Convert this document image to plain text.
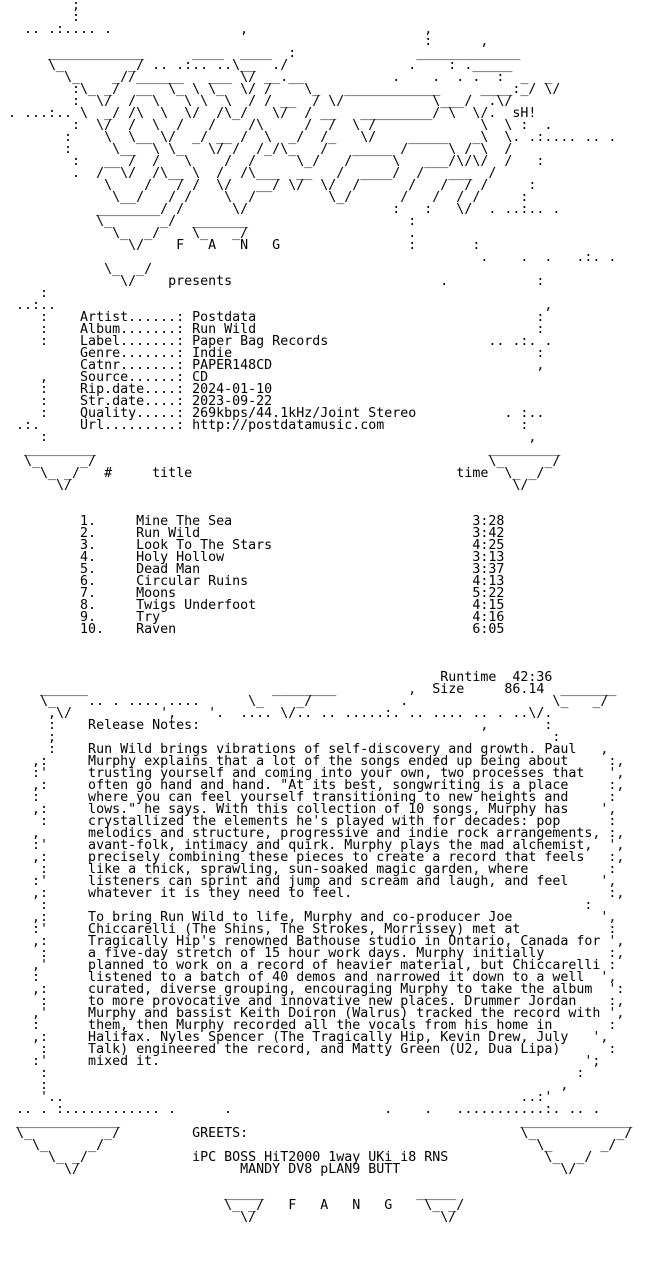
;
:
.. .:.... .                ,                      ,
:      ,
____________      ____  ____  :               _____________
\_        _/ .. .:.. ..\__  ./               .    : ._____
\_    _//______   ___ \/ __.__           .    .  . .  :  _  _
:\_ _/  __  \_ \ \_  \/ /    \_   ____________     ____:_/ \/
:  \/  /  \   \ \  \  / / __  / \/           \___/  .\/
. ...:.. \  _/ /\  \  \/  /\_/   \/  / __   _________/ \  \/.  sH!
:  \/  /  \  /   /    /\     /  /  \ /             \  \ :  .
:    \  \__ \/  _/ __ /  \  _/  /_   \/    _____   _\  \. .:.... .. .
:     \__  \ \_   \/ /  /_/\_   /   _____ /     \ / \  /
:   __ /  /   \    /  /     \_/   /     \   ___/\/\/  /   :
.  /  \/  /\__ \  /  /\___  __   /  ____/  /   ___  /
\    /   / /  \/   __/ \/  \/  /      /   /  / /     :
\__/   / /    \  /         \_/      /   /  / /     :
________/ /      \/                  :   :   \/  . ..:.. .
\_      _/  _______                    :
\_  _/    \_   _/                    .
\/    F   A   N   G                :       :
.    .  .   .:. .
\_  _/
\/    presents                          .           :
:
..:..                                                             ,
:    Artist......: Postdata                                   :
:    Album.......: Run Wild                                   :
:    Label.......: Paper Bag Records                    .. .:. .
Genre.......: Indie                                      :
Catnr.......: PAPER148CD                                 ,
,    Source......: CD
:    Rip.date....: 2024-01-10
:    Str.date....: 2023-09-22
:    Quality.....: 269kbps/44.1kHz/Joint Stereo           . :..
.:.     Url.........: http://postdatamusic.com                 :
:                                                            ,
_________                                                 _________
\_     _/                                                 \_     _/
\_ _/   #     title                                 time  \_ _/
\/                                                       \/

1.     Mine The Sea                              3:28
2.     Run Wild                                  3:42
3.     Look To The Stars                         4:25
4.     Holy Hollow                               3:13
5.     Dead Man                                  3:37
6.     Circular Ruins                            4:13
7.     Moons                                     5:22
8.     Twigs Underfoot                           4:15
9.     Try                                       4:16
10.    Raven                                     6:05

Runtime  42:36
______                       ________         ,  Size     86.14  _______
\_    .. . .... ....      \_    _/           .                  \_   _/
,\/           ',    '.  .... \/.. .. .....:. .. .... .. . ..\/.
:    Release Notes:                                   ,       :
;                                                              :
:    Run Wild brings vibrations of self-discovery and growth. Paul   ,
,:     Murphy explains that a lot of the songs ended up being about     :,
:'     trusting yourself and coming into your own, two processes that   ',
,:     often go hand and hand. "At its best, songwriting is a place     :,
:      where you can feel yourself transitioning to new heights and     :
,:     lows." he says. With this collection of 10 songs, Murphy has    ',
:     crystallized the elements he's played with for decades: pop      :
,      melodics and structure, progressive and indie rock arrangements, :,
:'     avant-folk, intimacy and quirk. Murphy plays the mad alchemist,  ',
,:     precisely combining these pieces to create a record that feels   :,
:     like a thick, sprawling, sun-soaked magic garden, where          :
:'     listeners can sprint and jump and scream and laugh, and feel    ',
,:     whatever it is they need to feel.                                :,
:                                                                   :
,:     To bring Run Wild to life, Murphy and co-producer Joe           ',
:'     Chiccarelli (The Shins, The Strokes, Morrissey) met at           :
,:     Tragically Hip's renowned Bathouse studio in Ontario, Canada for ',
:     a five-day stretch of 15 hour work days. Murphy initially        :,
,'     planned to work on a record of heavier material, but Chiccarelli :
:      listened to a batch of 40 demos and narrowed it down to a well  ',
,:     curated, diverse grouping, encouraging Murphy to take the album  ':
:     to more provocative and innovative new places. Drummer Jordan    :,
,'     Murphy and bassist Keith Doiron (Walrus) tracked the record with ',
:      them, then Murphy recorded all the vocals from his home in       :
,:     Halifax. Nyles Spencer (The Tragically Hip, Kevin Drew, July   ',
:     Talk) engineered the record, and Matty Green (U2, Dua Lipa)      :
:'     mixed it.                                                     ';
:                                                                  :
:                                                                ,
'..                                                         ..:'
.. . :............ .      .                   .    .   ...........:. .. .
_____________                                                  ______________
\_         _/         GREETS:                                  \_          _/
\_     _/                                                      \_      _/
\_ _/             iPC BOSS HiT2000 1way UKi i8 RNS            \_  _/
\/                    MANDY DV8 pLAN9 BUTT                    \/

_____                   _____
\_ _/   F   A   N   G    \_ _/
\/                       \/
